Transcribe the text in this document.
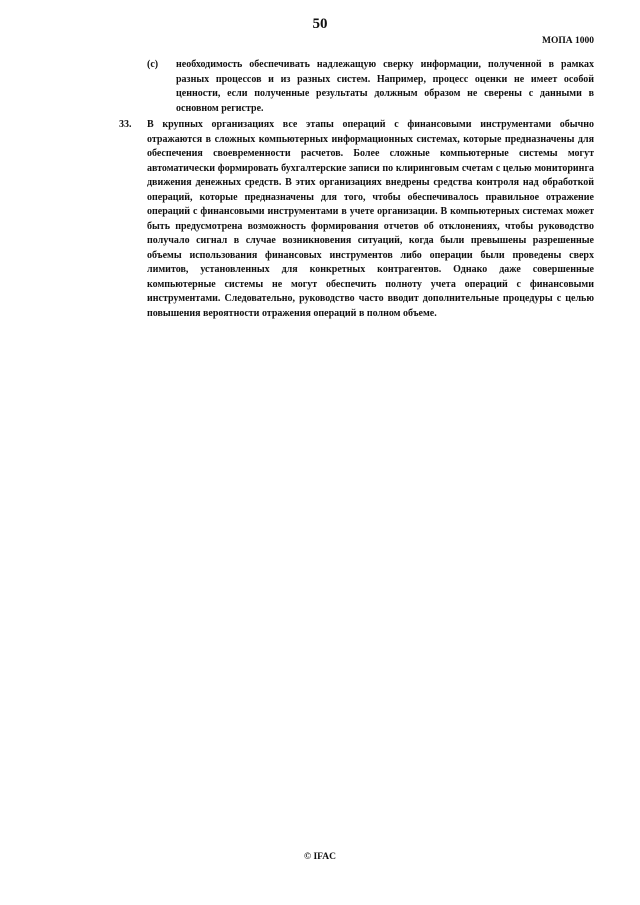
50
МОПА 1000
(c) необходимость обеспечивать надлежащую сверку информации, полученной в рамках разных процессов и из разных систем. Например, процесс оценки не имеет особой ценности, если полученные результаты должным образом не сверены с данными в основном регистре.
33. В крупных организациях все этапы операций с финансовыми инструментами обычно отражаются в сложных компьютерных информационных системах, которые предназначены для обеспечения своевременности расчетов. Более сложные компьютерные системы могут автоматически формировать бухгалтерские записи по клиринговым счетам с целью мониторинга движения денежных средств. В этих организациях внедрены средства контроля над обработкой операций, которые предназначены для того, чтобы обеспечивалось правильное отражение операций с финансовыми инструментами в учете организации. В компьютерных системах может быть предусмотрена возможность формирования отчетов об отклонениях, чтобы руководство получало сигнал в случае возникновения ситуаций, когда были превышены разрешенные объемы использования финансовых инструментов либо операции были проведены сверх лимитов, установленных для конкретных контрагентов. Однако даже совершенные компьютерные системы не могут обеспечить полноту учета операций с финансовыми инструментами. Следовательно, руководство часто вводит дополнительные процедуры с целью повышения вероятности отражения операций в полном объеме.
© IFAC
